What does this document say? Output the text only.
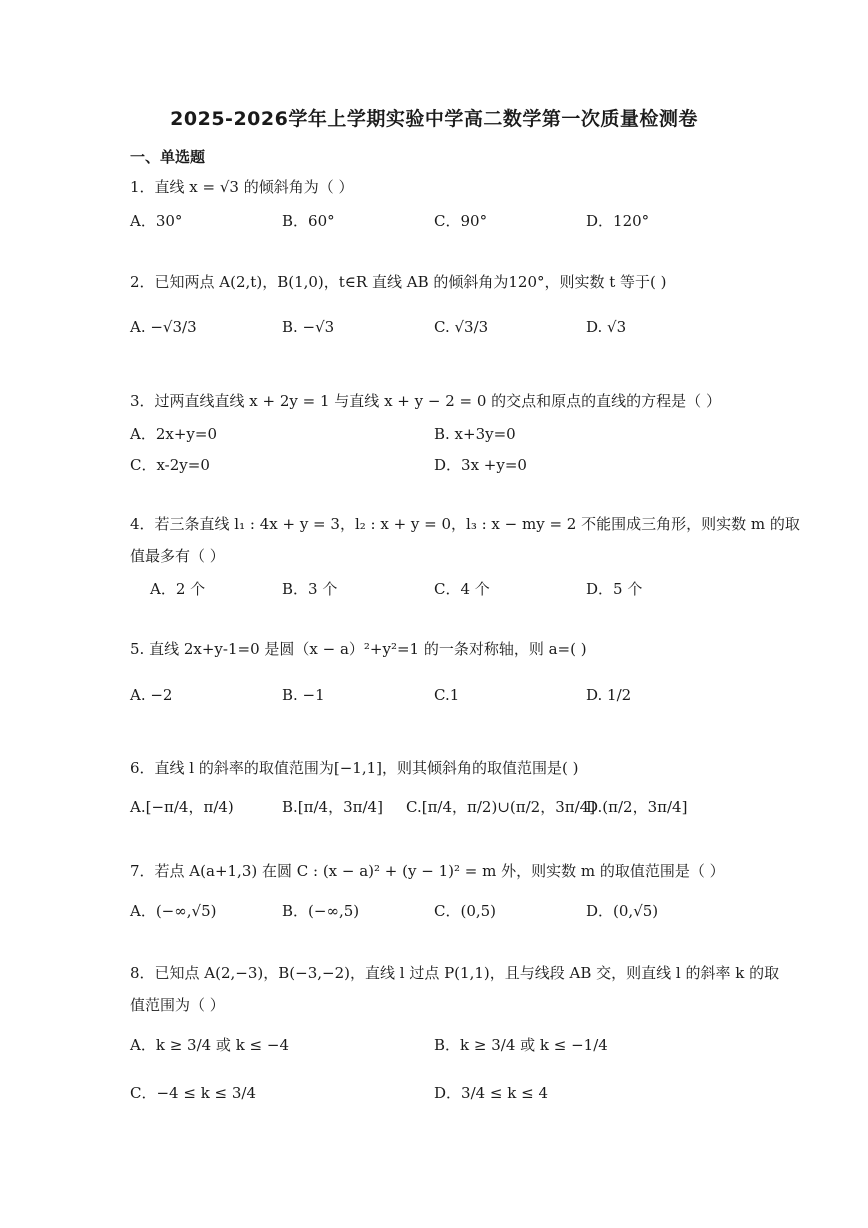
2025-2026学年上学期实验中学高二数学第一次质量检测卷
一、单选题
1．直线 x = √3 的倾斜角为（ ）
A．30°	B．60°	C．90°	D．120°
2．已知两点 A(2,t)，B(1,0)，t∈R 直线 AB 的倾斜角为120°，则实数 t 等于( )
A. −√3/3	B. −√3	C. √3/3	D. √3
3．过两直线直线 x + 2y = 1 与直线 x + y − 2 = 0 的交点和原点的直线的方程是（ ）
A．2x+y=0	B. x+3y=0
C．x-2y=0	D．3x +y=0
4．若三条直线 l₁ : 4x + y = 3，l₂ : x + y = 0，l₃ : x − my = 2 不能围成三角形，则实数 m 的取
值最多有（ ）
A．2 个	B．3 个	C．4 个	D．5 个
5. 直线 2x+y-1=0 是圆（x − a）²+y²=1 的一条对称轴，则 a=( )
A. −2	B. −1	C.1	D. 1/2
6．直线 l 的斜率的取值范围为[−1,1]，则其倾斜角的取值范围是( )
A.[−π/4，π/4)	B.[π/4，3π/4] C.[π/4，π/2)∪(π/2，3π/4]
D.(π/2，3π/4]
7．若点 A(a+1,3) 在圆 C : (x − a)² + (y − 1)² = m 外，则实数 m 的取值范围是（ ）
A．(−∞,√5)	B．(−∞,5)	C．(0,5)	D．(0,√5)
8．已知点 A(2,−3)，B(−3,−2)，直线 l 过点 P(1,1)，且与线段 AB 交，则直线 l 的斜率 k 的取
值范围为（ ）
A．k ≥ 3/4 或 k ≤ −4	B．k ≥ 3/4 或 k ≤ −1/4
C．−4 ≤ k ≤ 3/4	D．3/4 ≤ k ≤ 4
